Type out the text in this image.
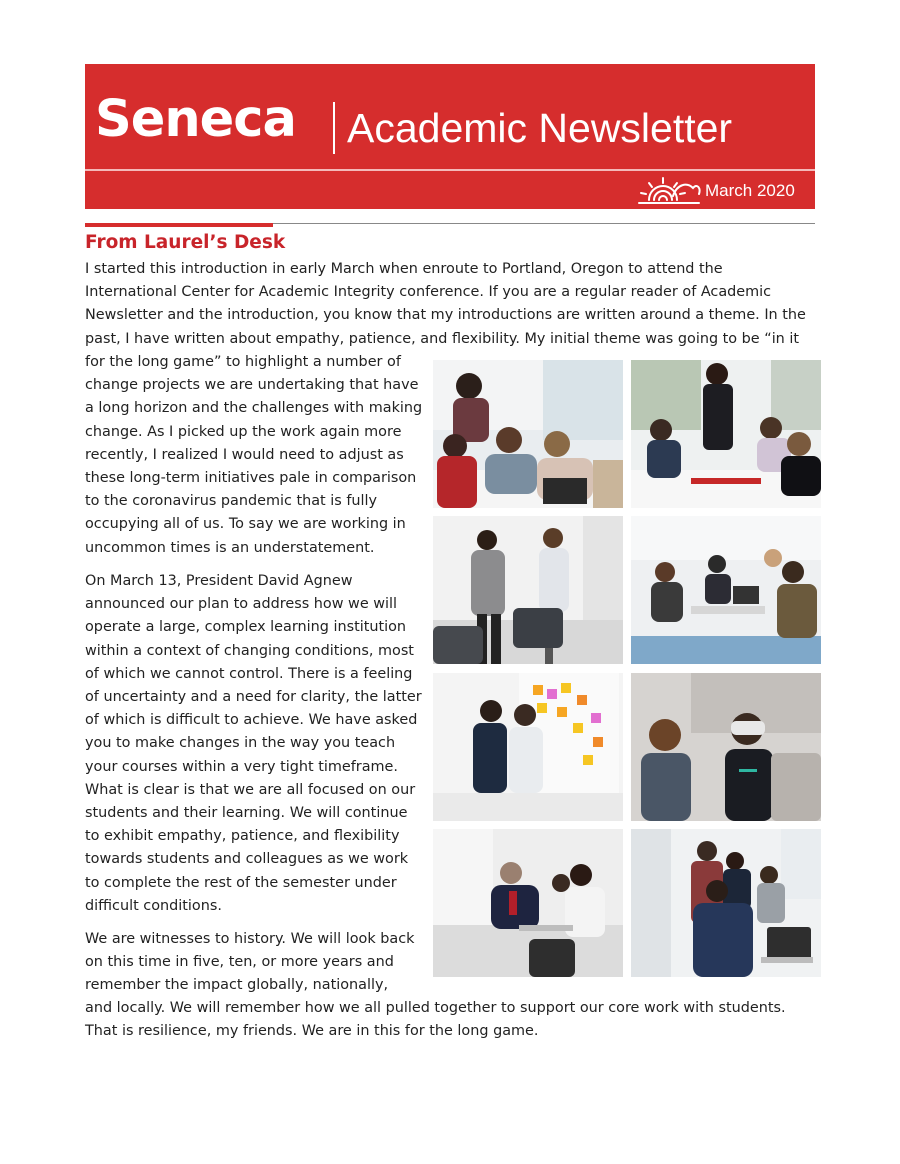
Seneca Academic Newsletter
March 2020
From Laurel’s Desk

I started this introduction in early March when enroute to Portland, Oregon to attend the International Center for Academic Integrity conference. If you are a regular reader of Academic Newsletter and the introduction, you know that my introductions are written around a theme. In the past, I have written about empathy, patience, and flexibility. My initial theme was going to be “in it

for the long game” to highlight a number of change projects we are undertaking that have a long horizon and the challenges with making change. As I picked up the work again more recently, I realized I would need to adjust as these long-term initiatives pale in comparison to the coronavirus pandemic that is fully occupying all of us. To say we are working in uncommon times is an understatement.

On March 13, President David Agnew announced our plan to address how we will operate a large, complex learning institution within a context of changing conditions, most of which we cannot control. There is a feeling of uncertainty and a need for clarity, the latter of which is difficult to achieve. We have asked you to make changes in the way you teach your courses within a very tight timeframe. What is clear is that we are all focused on our students and their learning. We will continue to exhibit empathy, patience, and flexibility towards students and colleagues as we work to complete the rest of the semester under difficult conditions.

We are witnesses to history. We will look back on this time in five, ten, or more years and remember the impact globally, nationally,

and locally. We will remember how we all pulled together to support our core work with students. That is resilience, my friends. We are in this for the long game.
